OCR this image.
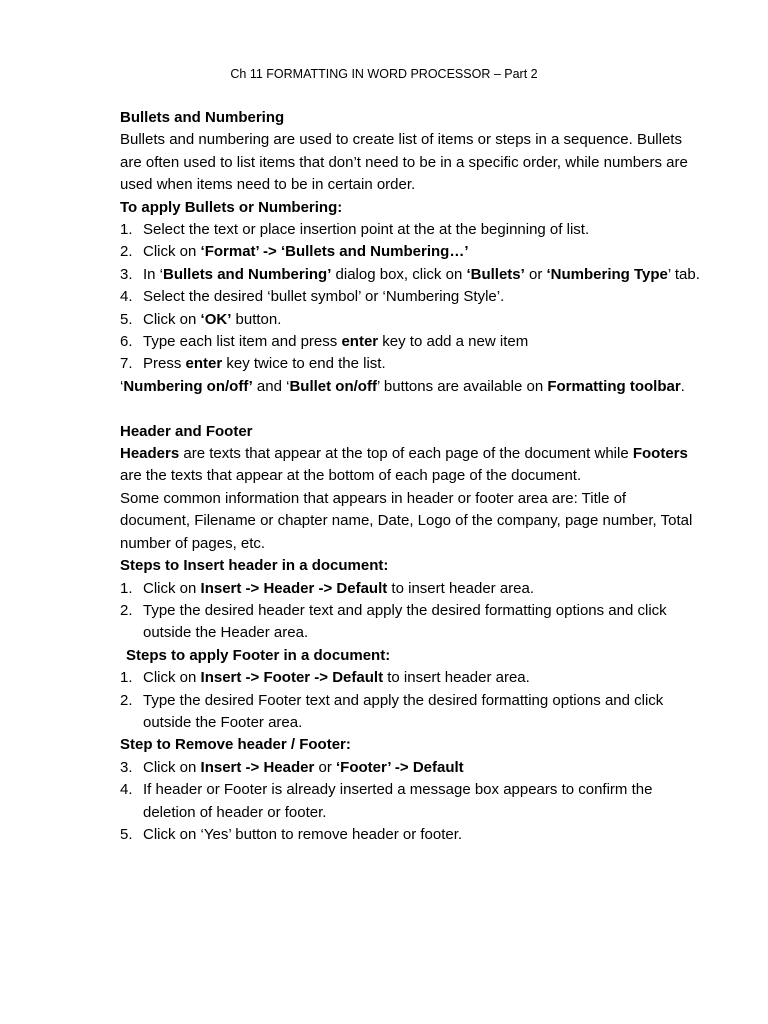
Ch 11 FORMATTING IN WORD PROCESSOR – Part 2

Bullets and Numbering

Bullets and numbering are used to create list of items or steps in a sequence. Bullets are often used to list items that don’t need to be in a specific order, while numbers are used when items need to be in certain order.

To apply Bullets or Numbering:

1. Select the text or place insertion point at the at the beginning of list.
2. Click on ‘Format’ -> ‘Bullets and Numbering…’
3. In ‘Bullets and Numbering’ dialog box, click on ‘Bullets’ or ‘Numbering Type’ tab.
4. Select the desired ‘bullet symbol’ or ‘Numbering Style’.
5. Click on ‘OK’ button.
6. Type each list item and press enter key to add a new item
7. Press enter key twice to end the list.

‘Numbering on/off’ and ‘Bullet on/off’ buttons are available on Formatting toolbar.

Header and Footer

Headers are texts that appear at the top of each page of the document while Footers are the texts that appear at the bottom of each page of the document.

Some common information that appears in header or footer area are: Title of document, Filename or chapter name, Date, Logo of the company, page number, Total number of pages, etc.

Steps to Insert header in a document:

1. Click on Insert -> Header -> Default to insert header area.
2. Type the desired header text and apply the desired formatting options and click outside the Header area.

Steps to apply Footer in a document:

1. Click on Insert -> Footer -> Default to insert header area.
2. Type the desired Footer text and apply the desired formatting options and click outside the Footer area.

Step to Remove header / Footer:

3. Click on Insert -> Header or ‘Footer’ -> Default
4. If header or Footer is already inserted a message box appears to confirm the deletion of header or footer.
5. Click on ‘Yes’ button to remove header or footer.
